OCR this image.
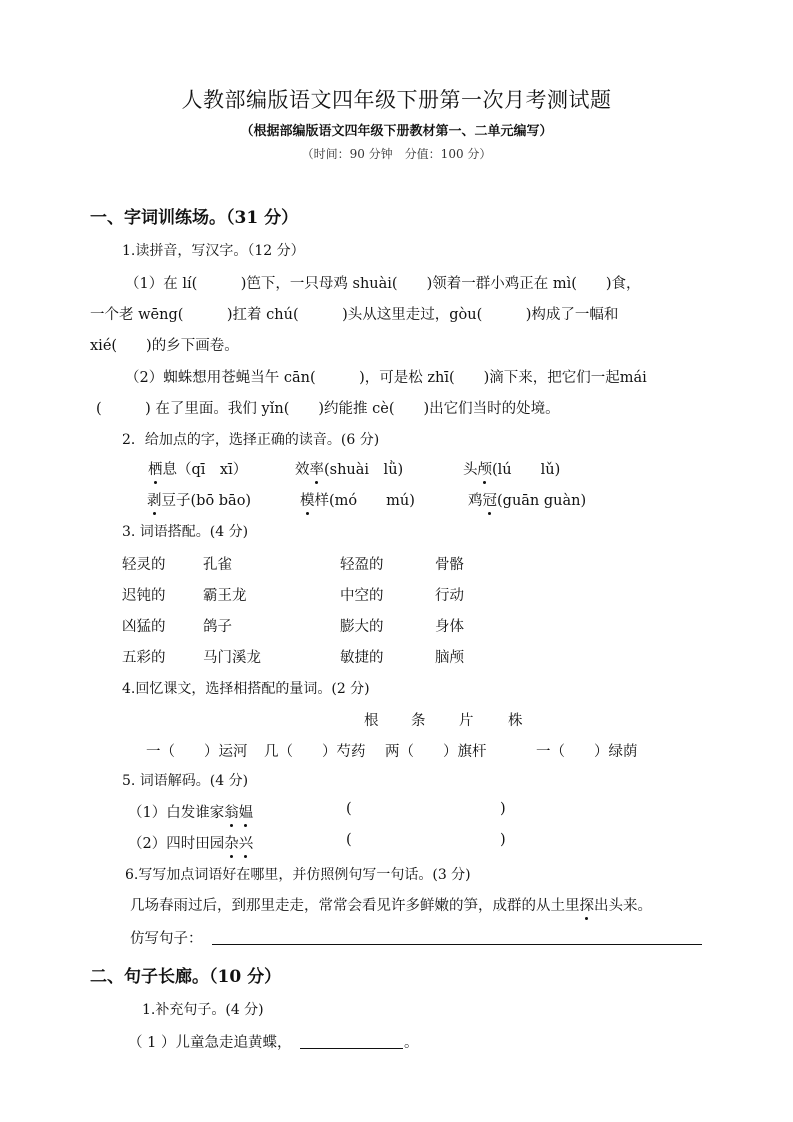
人教部编版语文四年级下册第一次月考测试题
（根据部编版语文四年级下册教材第一、二单元编写）
（时间：90 分钟　分值：100 分）
一、字词训练场。（31 分）
1.读拼音，写汉字。（12 分）
（1）在 lí(　　　)笆下，一只母鸡 shuài(　　)领着一群小鸡正在 mì(　　)食，
一个老 wēng(　　　)扛着 chú(　　　)头从这里走过，gòu(　　　)构成了一幅和
xié(　　)的乡下画卷。
（2）蜘蛛想用苍蝇当午 cān(　　　)，可是松 zhī(　　)滴下来，把它们一起mái
(　　　) 在了里面。我们 yǐn(　　)约能推 cè(　　)出它们当时的处境。
2．给加点的字，选择正确的读音。(6 分)
栖息（qī　xī）	效率(shuài　lǜ)	头颅(lú　　lǔ)
剥豆子(bō bāo)	模样(mó　　mú)	鸡冠(guān guàn)
3. 词语搭配。(4 分)
轻灵的	孔雀	轻盈的	骨骼
迟钝的	霸王龙	中空的	行动
凶猛的	鸽子	膨大的	身体
五彩的	马门溪龙	敏捷的	脑颅
4.回忆课文，选择相搭配的量词。(2 分)
根 条 片 株
一（　　）运河 几（　　）芍药 两（　　）旗杆	一（　　）绿荫
5. 词语解码。(4 分)
（1）白发谁家翁媪	(	)
（2）四时田园杂兴	(	)
6.写写加点词语好在哪里，并仿照例句写一句话。(3 分)
几场春雨过后，到那里走走，常常会看见许多鲜嫩的笋，成群的从土里探出头来。
仿写句子：
二、句子长廊。（10 分）
1.补充句子。(4 分)
（ 1 ）儿童急走追黄蝶，	。
